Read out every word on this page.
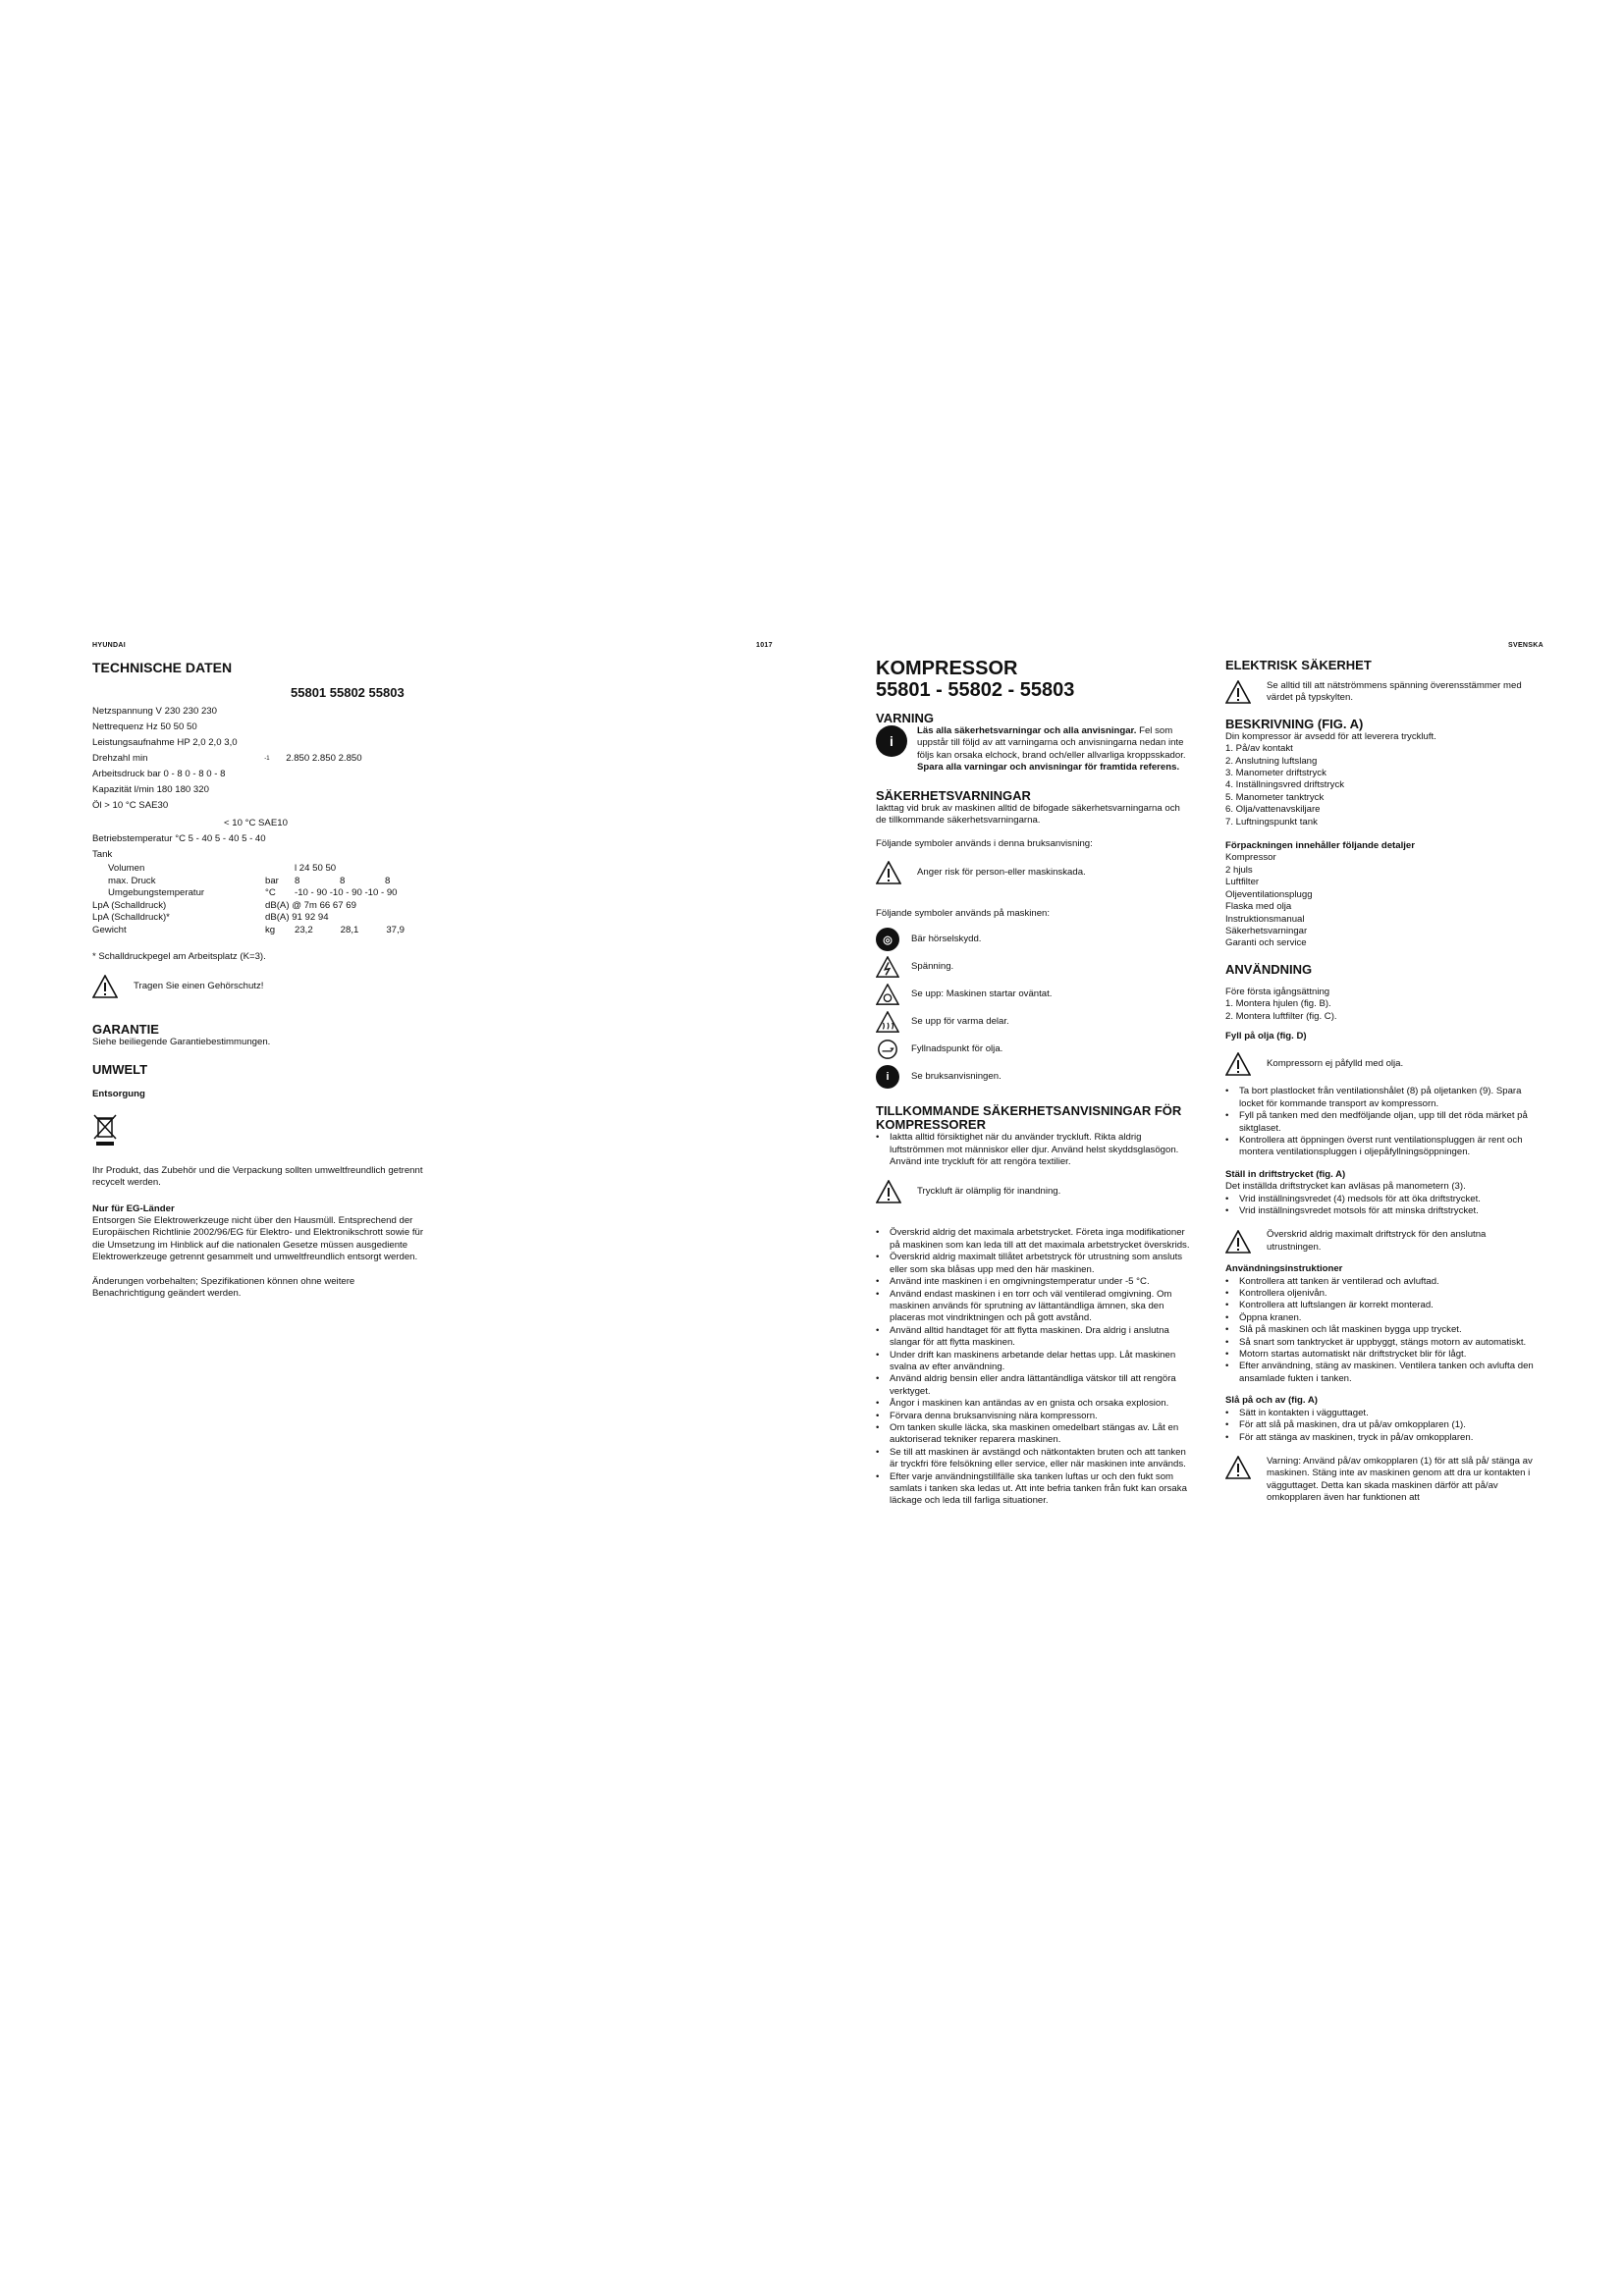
HYUNDAI	1017	SVENSKA
TECHNISCHE DATEN
55801 55802 55803

Netzspannung V 230 230 230

Nettrequenz Hz 50 50 50

Leistungsaufnahme HP 2,0 2,0 3,0

Drehzahl min	$^{-1}$ 2.850 2.850 2.850

Arbeitsdruck bar 0 - 8 0 - 8 0 - 8

Kapazität l/min 180 180 320

Öl > 10 °C SAE30

< 10 °C SAE10

Betriebstemperatur °C 5 - 40 5 - 40 5 - 40

Tank

Volumen		l 24 50 50
max. Druck	bar	8 8 8
Umgebungstemperatur	°C	-10 - 90 -10 - 90 -10 - 90
LpA (Schalldruck)	dB(A) @ 7m 66 67 69	
LpA (Schalldruck)*	dB(A) 91 92 94	
Gewicht	kg	23,2 28,1 37,9
* Schalldruckpegel am Arbeitsplatz (K=3).
Tragen Sie einen Gehörschutz!
GARANTIE
Siehe beiliegende Garantiebestimmungen.
UMWELT
Entsorgung
Ihr Produkt, das Zubehör und die Verpackung sollten umweltfreundlich getrennt recycelt werden.
Nur für EG-Länder
Entsorgen Sie Elektrowerkzeuge nicht über den Hausmüll. Entsprechend der Europäischen Richtlinie 2002/96/EG für Elektro- und Elektronikschrott sowie für die Umsetzung im Hinblick auf die nationalen Gesetze müssen ausgediente Elektrowerkzeuge getrennt gesammelt und umweltfreundlich entsorgt werden.
Änderungen vorbehalten; Spezifikationen können ohne weitere Benachrichtigung geändert werden.
KOMPRESSOR
55801 - 55802 - 55803
VARNING
i
Läs alla säkerhetsvarningar och alla anvisningar. Fel som uppstår till följd av att varningarna och anvisningarna nedan inte följs kan orsaka elchock, brand och/eller allvarliga kroppsskador. Spara alla varningar och anvisningar för framtida referens.
SÄKERHETSVARNINGAR
Iakttag vid bruk av maskinen alltid de bifogade säkerhetsvarningarna och de tillkommande säkerhetsvarningarna.
Följande symboler används i denna bruksanvisning:
Anger risk för person-eller maskinskada.
Följande symboler används på maskinen:
◎	Bär hörselskydd.
Spänning.
Se upp: Maskinen startar oväntat.
Se upp för varma delar.
Fyllnadspunkt för olja.
i	Se bruksanvisningen.
TILLKOMMANDE SÄKERHETSANVISNINGAR FÖR KOMPRESSORER
• Iaktta alltid försiktighet när du använder tryckluft. Rikta aldrig luftströmmen mot människor eller djur. Använd helst skyddsglasögon. Använd inte tryckluft för att rengöra textilier.
Tryckluft är olämplig för inandning.
• Överskrid aldrig det maximala arbetstrycket. Företa inga modifikationer på maskinen som kan leda till att det maximala arbetstrycket överskrids.
• Överskrid aldrig maximalt tillåtet arbetstryck för utrustning som ansluts eller som ska blåsas upp med den här maskinen.
• Använd inte maskinen i en omgivningstemperatur under -5 °C.
• Använd endast maskinen i en torr och väl ventilerad omgivning. Om maskinen används för sprutning av lättantändliga ämnen, ska den placeras mot vindriktningen och på gott avstånd.
• Använd alltid handtaget för att flytta maskinen. Dra aldrig i anslutna slangar för att flytta maskinen.
• Under drift kan maskinens arbetande delar hettas upp. Låt maskinen svalna av efter användning.
• Använd aldrig bensin eller andra lättantändliga vätskor till att rengöra verktyget.
• Ångor i maskinen kan antändas av en gnista och orsaka explosion.
• Förvara denna bruksanvisning nära kompressorn.
• Om tanken skulle läcka, ska maskinen omedelbart stängas av. Låt en auktoriserad tekniker reparera maskinen.
• Se till att maskinen är avstängd och nätkontakten bruten och att tanken är tryckfri före felsökning eller service, eller när maskinen inte används.
• Efter varje användningstillfälle ska tanken luftas ur och den fukt som samlats i tanken ska ledas ut. Att inte befria tanken från fukt kan orsaka läckage och leda till farliga situationer.
ELEKTRISK SÄKERHET
Se alltid till att nätströmmens spänning överensstämmer med värdet på typskylten.
BESKRIVNING (FIG. A)
Din kompressor är avsedd för att leverera tryckluft.
1. På/av kontakt
2. Anslutning luftslang
3. Manometer driftstryck
4. Inställningsvred driftstryck
5. Manometer tanktryck
6. Olja/vattenavskiljare
7. Luftningspunkt tank
Förpackningen innehåller följande detaljer

Kompressor

2 hjuls

Luftfilter

Oljeventilationsplugg

Flaska med olja

Instruktionsmanual

Säkerhetsvarningar

Garanti och service

ANVÄNDNING
Före första igångsättning
1. Montera hjulen (fig. B).
2. Montera luftfilter (fig. C).
Fyll på olja (fig. D)
Kompressorn ej påfylld med olja.
• Ta bort plastlocket från ventilationshålet (8) på oljetanken (9). Spara locket för kommande transport av kompressorn.
• Fyll på tanken med den medföljande oljan, upp till det röda märket på siktglaset.
• Kontrollera att öppningen överst runt ventilationspluggen är rent och montera ventilationspluggen i oljepåfyllningsöppningen.
Ställ in driftstrycket (fig. A)
Det inställda driftstrycket kan avläsas på manometern (3).
• Vrid inställningsvredet (4) medsols för att öka driftstrycket.
• Vrid inställningsvredet motsols för att minska driftstrycket.
Överskrid aldrig maximalt driftstryck för den anslutna utrustningen.
Användningsinstruktioner
• Kontrollera att tanken är ventilerad och avluftad.
• Kontrollera oljenivån.
• Kontrollera att luftslangen är korrekt monterad.
• Öppna kranen.
• Slå på maskinen och låt maskinen bygga upp trycket.
• Så snart som tanktrycket är uppbyggt, stängs motorn av automatiskt.
• Motorn startas automatiskt när driftstrycket blir för lågt.
• Efter användning, stäng av maskinen. Ventilera tanken och avlufta den ansamlade fukten i tanken.
Slå på och av (fig. A)
• Sätt in kontakten i vägguttaget.
• För att slå på maskinen, dra ut på/av omkopplaren (1).
• För att stänga av maskinen, tryck in på/av omkopplaren.
Varning: Använd på/av omkopplaren (1) för att slå på/ stänga av maskinen. Stäng inte av maskinen genom att dra ur kontakten i vägguttaget. Detta kan skada maskinen därför att på/av omkopplaren även har funktionen att
